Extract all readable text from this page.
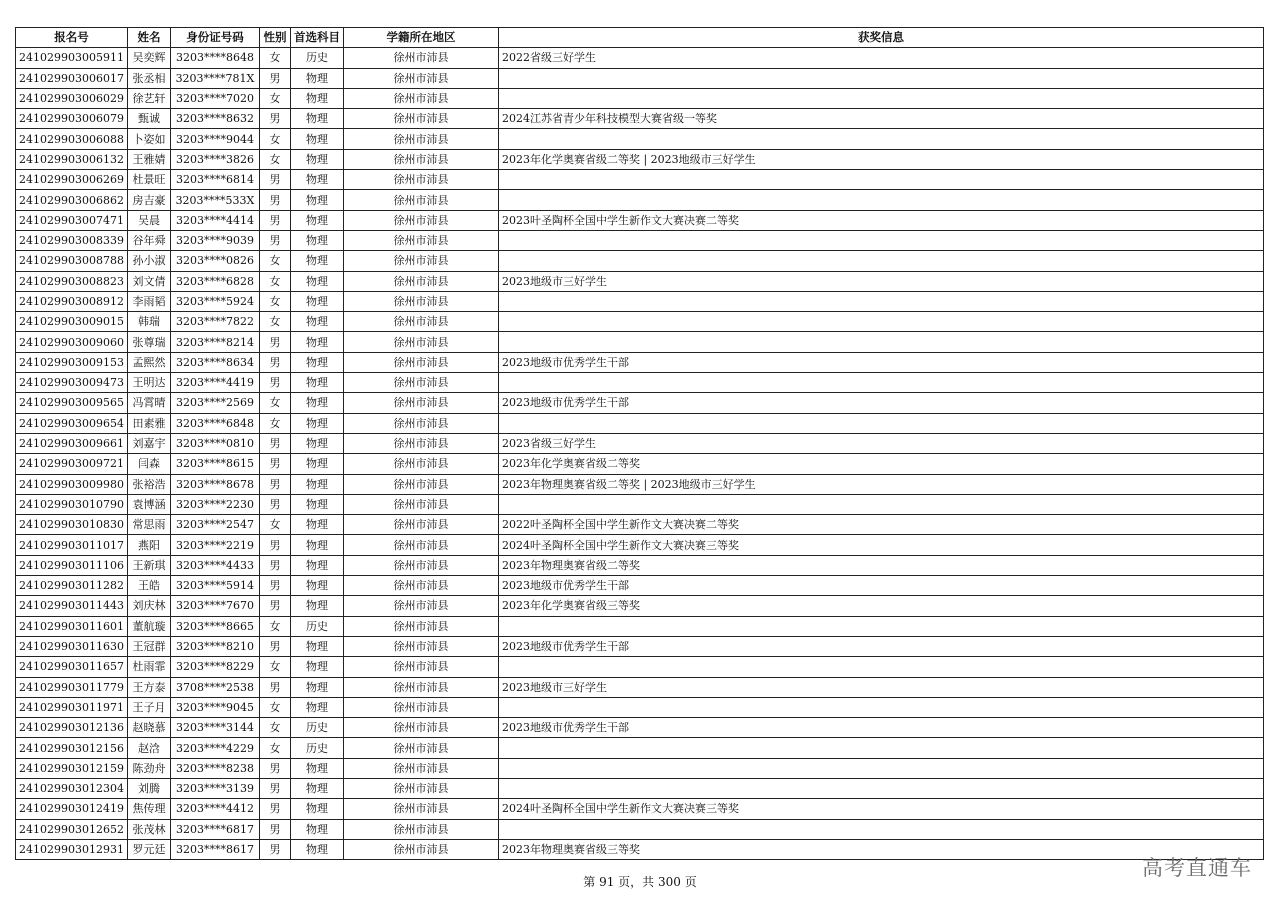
报名号	姓名	身份证号码	性别	首选科目	学籍所在地区	获奖信息
241029903005911	吴奕辉	3203****8648	女	历史	徐州市沛县	2022省级三好学生
241029903006017	张丞相	3203****781X	男	物理	徐州市沛县	
241029903006029	徐艺轩	3203****7020	女	物理	徐州市沛县	
241029903006079	甄诚	3203****8632	男	物理	徐州市沛县	2024江苏省青少年科技模型大赛省级一等奖
241029903006088	卜姿如	3203****9044	女	物理	徐州市沛县	
241029903006132	王雅婧	3203****3826	女	物理	徐州市沛县	2023年化学奥赛省级二等奖 | 2023地级市三好学生
241029903006269	杜景旺	3203****6814	男	物理	徐州市沛县	
241029903006862	房吉豪	3203****533X	男	物理	徐州市沛县	
241029903007471	吴晨	3203****4414	男	物理	徐州市沛县	2023叶圣陶杯全国中学生新作文大赛决赛二等奖
241029903008339	谷年舜	3203****9039	男	物理	徐州市沛县	
241029903008788	孙小淑	3203****0826	女	物理	徐州市沛县	
241029903008823	刘文倩	3203****6828	女	物理	徐州市沛县	2023地级市三好学生
241029903008912	李雨韬	3203****5924	女	物理	徐州市沛县	
241029903009015	韩瑞	3203****7822	女	物理	徐州市沛县	
241029903009060	张尊瑞	3203****8214	男	物理	徐州市沛县	
241029903009153	孟熙然	3203****8634	男	物理	徐州市沛县	2023地级市优秀学生干部
241029903009473	王明达	3203****4419	男	物理	徐州市沛县	
241029903009565	冯霄晴	3203****2569	女	物理	徐州市沛县	2023地级市优秀学生干部
241029903009654	田素雅	3203****6848	女	物理	徐州市沛县	
241029903009661	刘嘉宇	3203****0810	男	物理	徐州市沛县	2023省级三好学生
241029903009721	闫森	3203****8615	男	物理	徐州市沛县	2023年化学奥赛省级二等奖
241029903009980	张裕浩	3203****8678	男	物理	徐州市沛县	2023年物理奥赛省级二等奖 | 2023地级市三好学生
241029903010790	袁博涵	3203****2230	男	物理	徐州市沛县	
241029903010830	常思雨	3203****2547	女	物理	徐州市沛县	2022叶圣陶杯全国中学生新作文大赛决赛二等奖
241029903011017	燕阳	3203****2219	男	物理	徐州市沛县	2024叶圣陶杯全国中学生新作文大赛决赛三等奖
241029903011106	王新琪	3203****4433	男	物理	徐州市沛县	2023年物理奥赛省级二等奖
241029903011282	王皓	3203****5914	男	物理	徐州市沛县	2023地级市优秀学生干部
241029903011443	刘庆林	3203****7670	男	物理	徐州市沛县	2023年化学奥赛省级三等奖
241029903011601	董航璇	3203****8665	女	历史	徐州市沛县	
241029903011630	王冠群	3203****8210	男	物理	徐州市沛县	2023地级市优秀学生干部
241029903011657	杜雨霏	3203****8229	女	物理	徐州市沛县	
241029903011779	王方泰	3708****2538	男	物理	徐州市沛县	2023地级市三好学生
241029903011971	王子月	3203****9045	女	物理	徐州市沛县	
241029903012136	赵晓慕	3203****3144	女	历史	徐州市沛县	2023地级市优秀学生干部
241029903012156	赵浛	3203****4229	女	历史	徐州市沛县	
241029903012159	陈劲舟	3203****8238	男	物理	徐州市沛县	
241029903012304	刘腾	3203****3139	男	物理	徐州市沛县	
241029903012419	焦传理	3203****4412	男	物理	徐州市沛县	2024叶圣陶杯全国中学生新作文大赛决赛三等奖
241029903012652	张茂林	3203****6817	男	物理	徐州市沛县	
241029903012931	罗元廷	3203****8617	男	物理	徐州市沛县	2023年物理奥赛省级三等奖
第 91 页，共 300 页
高考直通车
